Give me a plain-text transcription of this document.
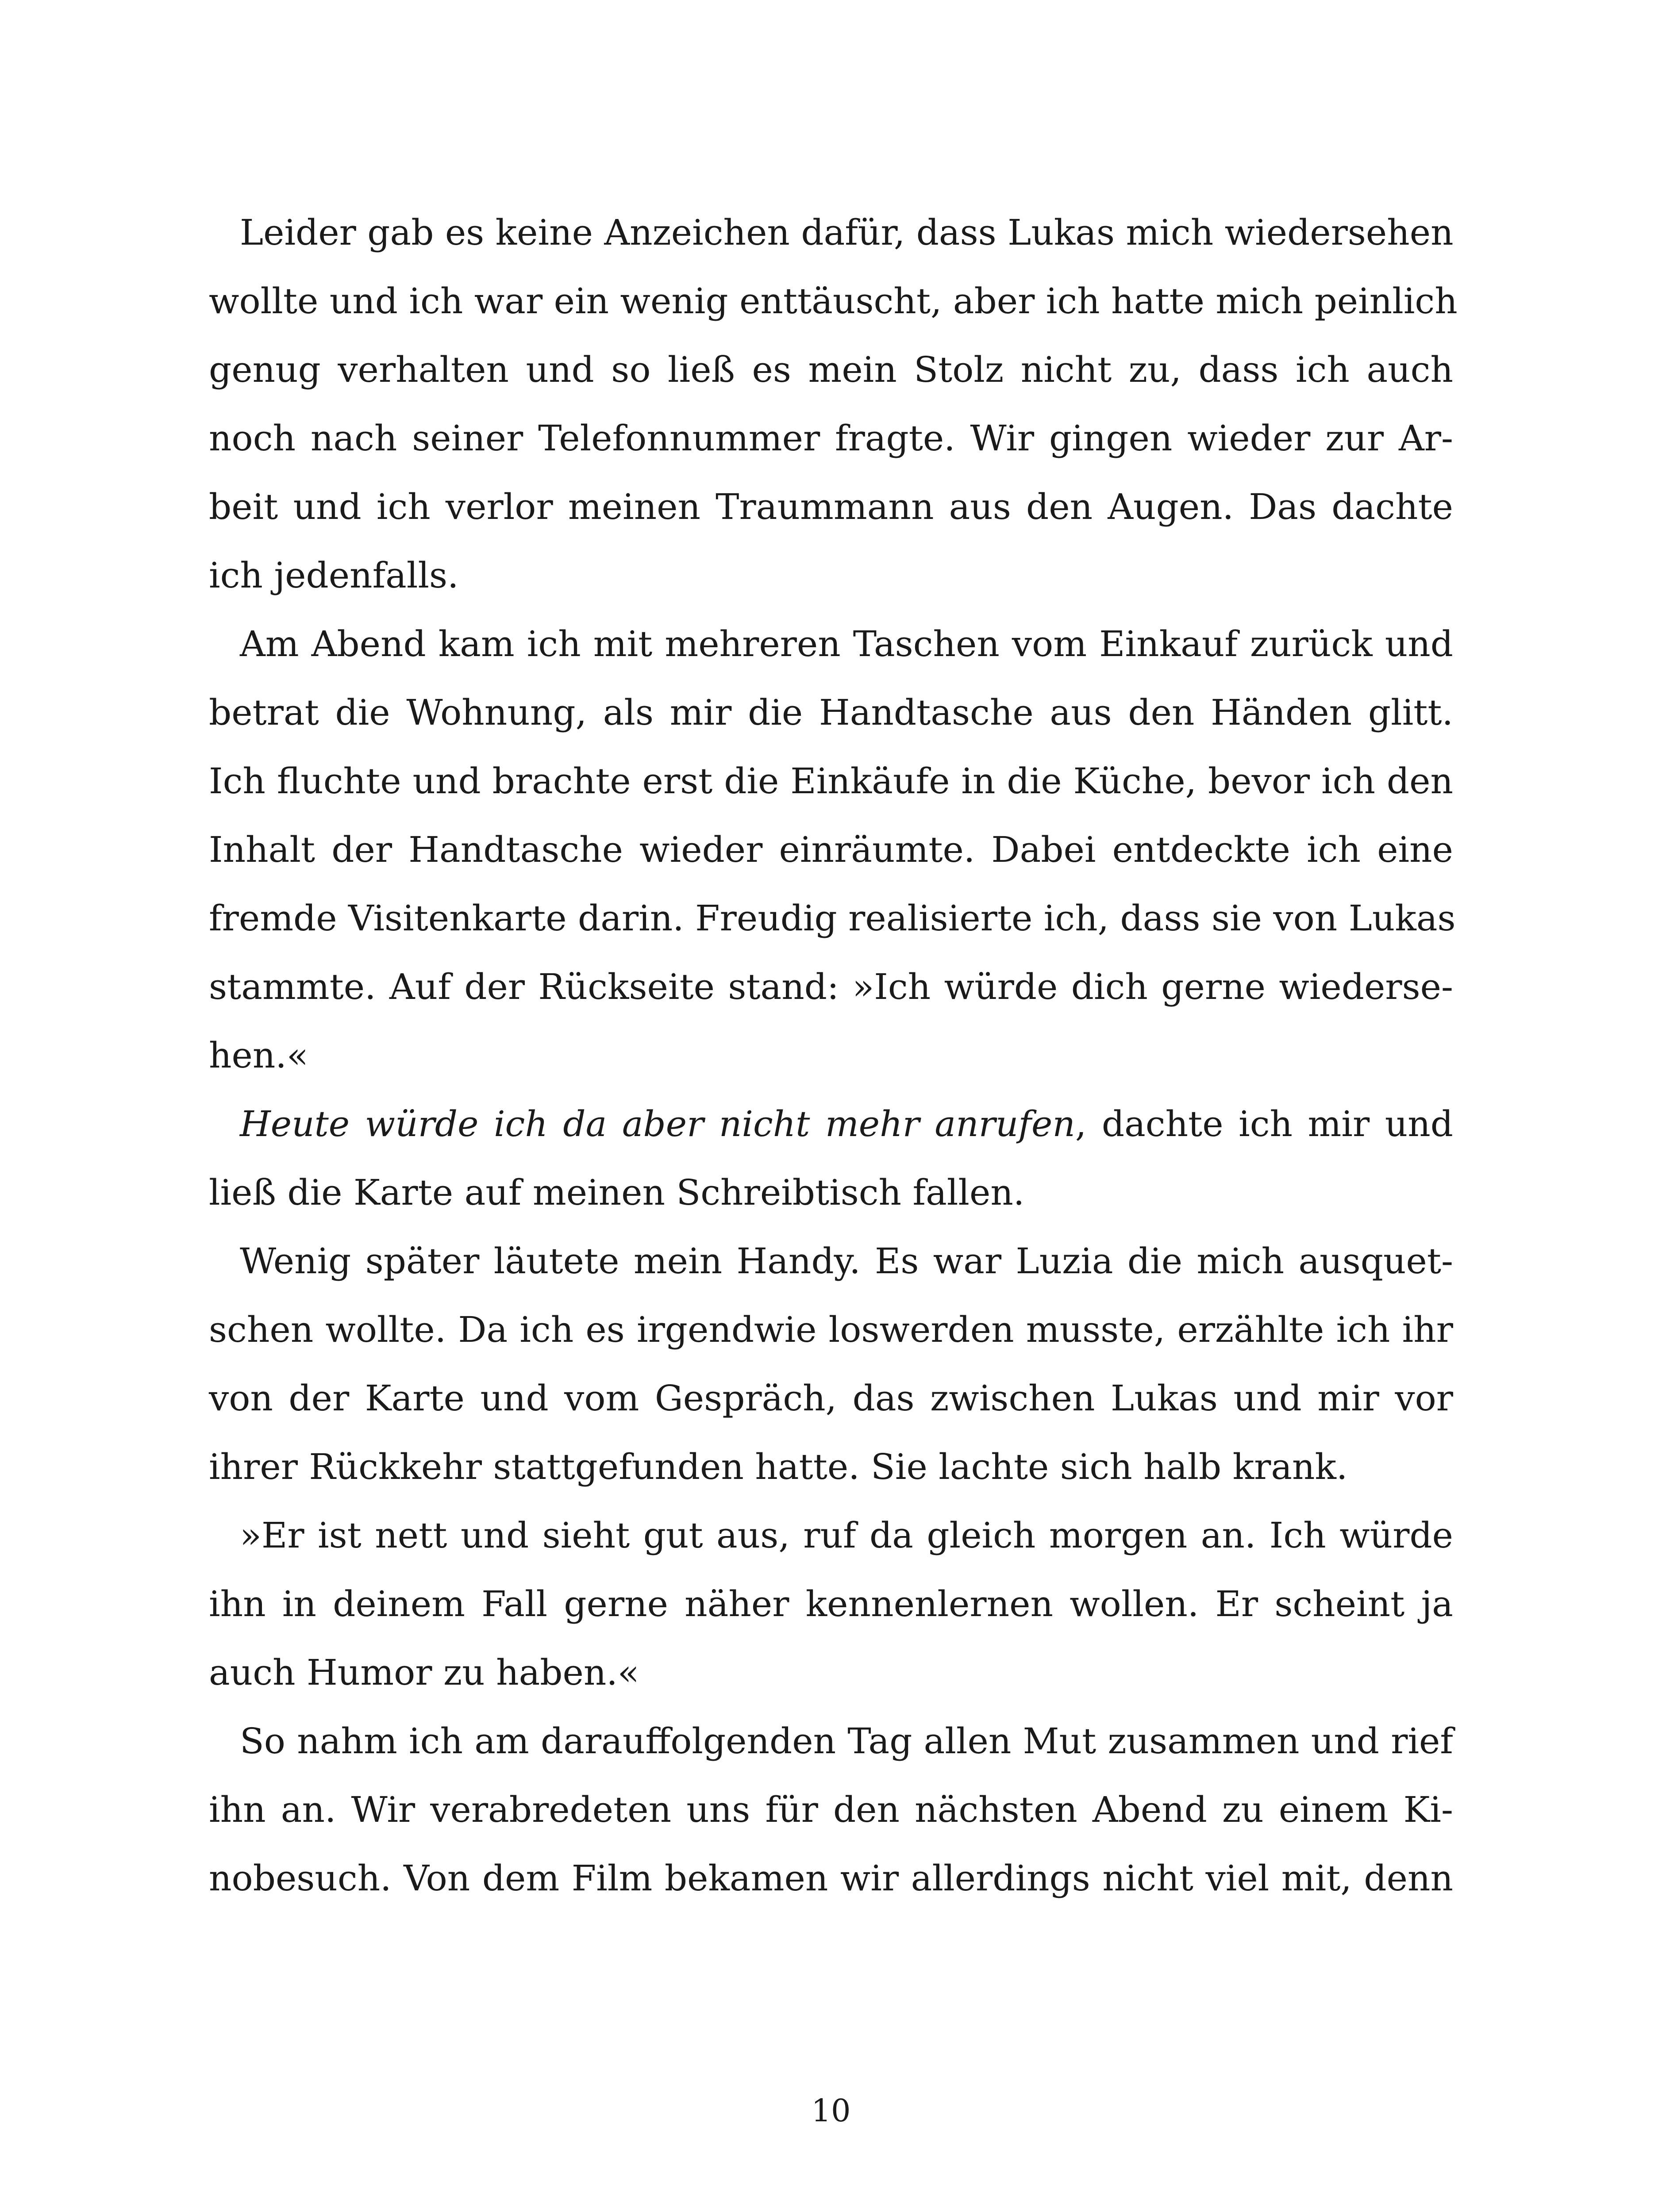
Leider gab es keine Anzeichen dafür, dass Lukas mich wiedersehen
wollte und ich war ein wenig enttäuscht, aber ich hatte mich peinlich
genug verhalten und so ließ es mein Stolz nicht zu, dass ich auch
noch nach seiner Telefonnummer fragte. Wir gingen wieder zur Ar-
beit und ich verlor meinen Traummann aus den Augen. Das dachte
ich jedenfalls.
Am Abend kam ich mit mehreren Taschen vom Einkauf zurück und
betrat die Wohnung, als mir die Handtasche aus den Händen glitt.
Ich fluchte und brachte erst die Einkäufe in die Küche, bevor ich den
Inhalt der Handtasche wieder einräumte. Dabei entdeckte ich eine
fremde Visitenkarte darin. Freudig realisierte ich, dass sie von Lukas
stammte. Auf der Rückseite stand: »Ich würde dich gerne wiederse-
hen.«
Heute würde ich da aber nicht mehr anrufen, dachte ich mir und
ließ die Karte auf meinen Schreibtisch fallen.
Wenig später läutete mein Handy. Es war Luzia die mich ausquet-
schen wollte. Da ich es irgendwie loswerden musste, erzählte ich ihr
von der Karte und vom Gespräch, das zwischen Lukas und mir vor
ihrer Rückkehr stattgefunden hatte. Sie lachte sich halb krank.
»Er ist nett und sieht gut aus, ruf da gleich morgen an. Ich würde
ihn in deinem Fall gerne näher kennenlernen wollen. Er scheint ja
auch Humor zu haben.«
So nahm ich am darauffolgenden Tag allen Mut zusammen und rief
ihn an. Wir verabredeten uns für den nächsten Abend zu einem Ki-
nobesuch. Von dem Film bekamen wir allerdings nicht viel mit, denn
10
